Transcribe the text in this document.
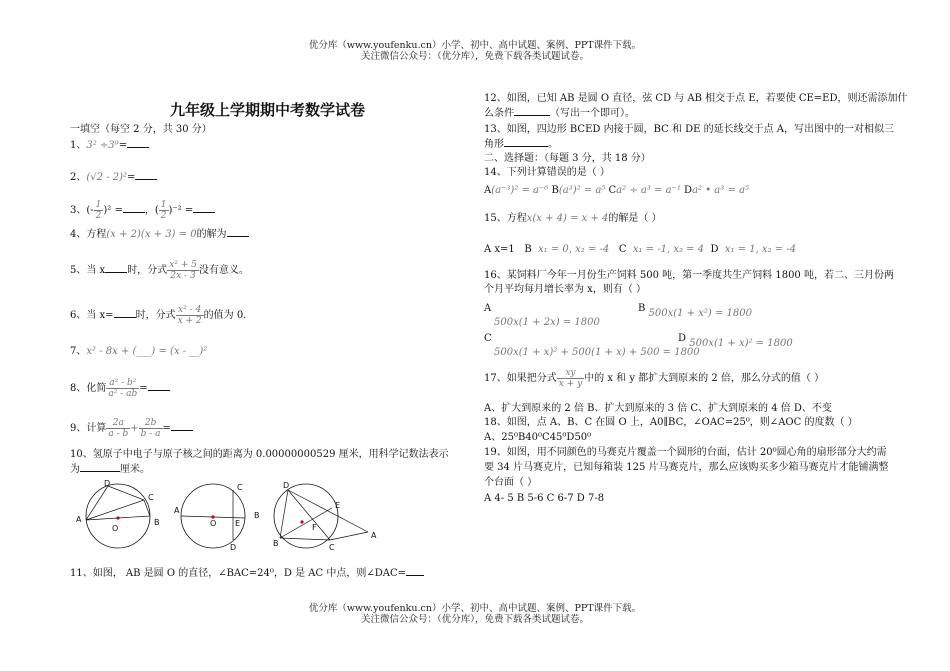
优分库（www.youfenku.cn）小学、初中、高中试题、案例、PPT课件下载。
关注微信公众号：（优分库），免费下载各类试题试卷。
九年级上学期期中考数学试卷
一填空（每空 2 分，共 30 分）
1、3² ÷3⁰=
2、(√2 - 2)²=
3、(- $\frac{1}{2} )^2$ = ，( $\frac{1}{2} )^{-2}$ =
4、方程(x + 2)(x + 3) = 0的解为
5、当 x 时，分式 $\frac{\text{x² + 5}}{2x - 3}$ 没有意义。
6、当 x= 时，分式 $\frac{\text{x² - 4}}{x + 2}$ 的值为 0.
7、x² - 8x + (___) = (x - __)²
8、化简 $\frac{\text{a² - b²}}{\text{a² - ab}}$ =
9、计算 $\frac{2a}{a - b} + \frac{2b}{b - a}$ =
10、氢原子中电子与原子核之间的距离为 0.00000000529 厘米，用科学记数法表示
为	厘米。
11、如图， AB 是圆 O 的直径，∠BAC=24⁰，D 是 AC 中点，则∠DAC=
D
C
A	B
O
C
A
O E
B
D
D
E
F
A
B	C
12、如图，已知 AB 是圆 O 直径，弦 CD 与 AB 相交于点 E，若要使 CE=ED，则还需添加什
么条件	（写出一个即可）。
13、如图，四边形 BCED 内接于圆，BC 和 DE 的延长线交于点 A，写出图中的一对相似三
角形	。
二、选择题：（每题 3 分，共 18 分）
14、下列计算错误的是（ ）
A(a⁻³)² = a⁻⁶ B(a³)² = a⁵ Ca² ÷ a³ = a⁻¹ Da² • a³ = a⁵
15、方程x(x + 4) = x + 4的解是（ ）
A x=1 B x₁ = 0, x₂ = -4 C x₁ = -1, x₂ = 4 D x₁ = 1, x₂ = -4
16、某饲料厂今年一月份生产饲料 500 吨，第一季度共生产饲料 1800 吨，若二、三月份两
个月平均每月增长率为 x，则有（ ）
A
500x(1 + 2x) = 1800
B 500x(1 + x²) = 1800
C
500x(1 + x)² + 500(1 + x) + 500 = 1800
D 500x(1 + x)² = 1800
17、如果把分式 $\frac{xy}{x + y}$ 中的 x 和 y 都扩大到原来的 2 倍，那么分式的值（ ）
A、扩大到原来的 2 倍 B、扩大到原来的 3 倍 C、扩大到原来的 4 倍 D、不变
18、如图，点 A、B、C 在圆 O 上，A0∥BC，∠OAC=25⁰，则∠AOC 的度数（ ）
A、25⁰B40⁰C45⁰D50⁰
19、如图，用不同颜色的马赛克片覆盖一个圆形的台面，估计 20⁰圆心角的扇形部分大约需
要 34 片马赛克片，已知每箱装 125 片马赛克片，那么应该购买多少箱马赛克片才能铺满整
个台面（ ）
A 4- 5 B 5-6 C 6-7 D 7-8
优分库（www.youfenku.cn）小学、初中、高中试题、案例、PPT课件下载。
关注微信公众号：（优分库），免费下载各类试题试卷。
